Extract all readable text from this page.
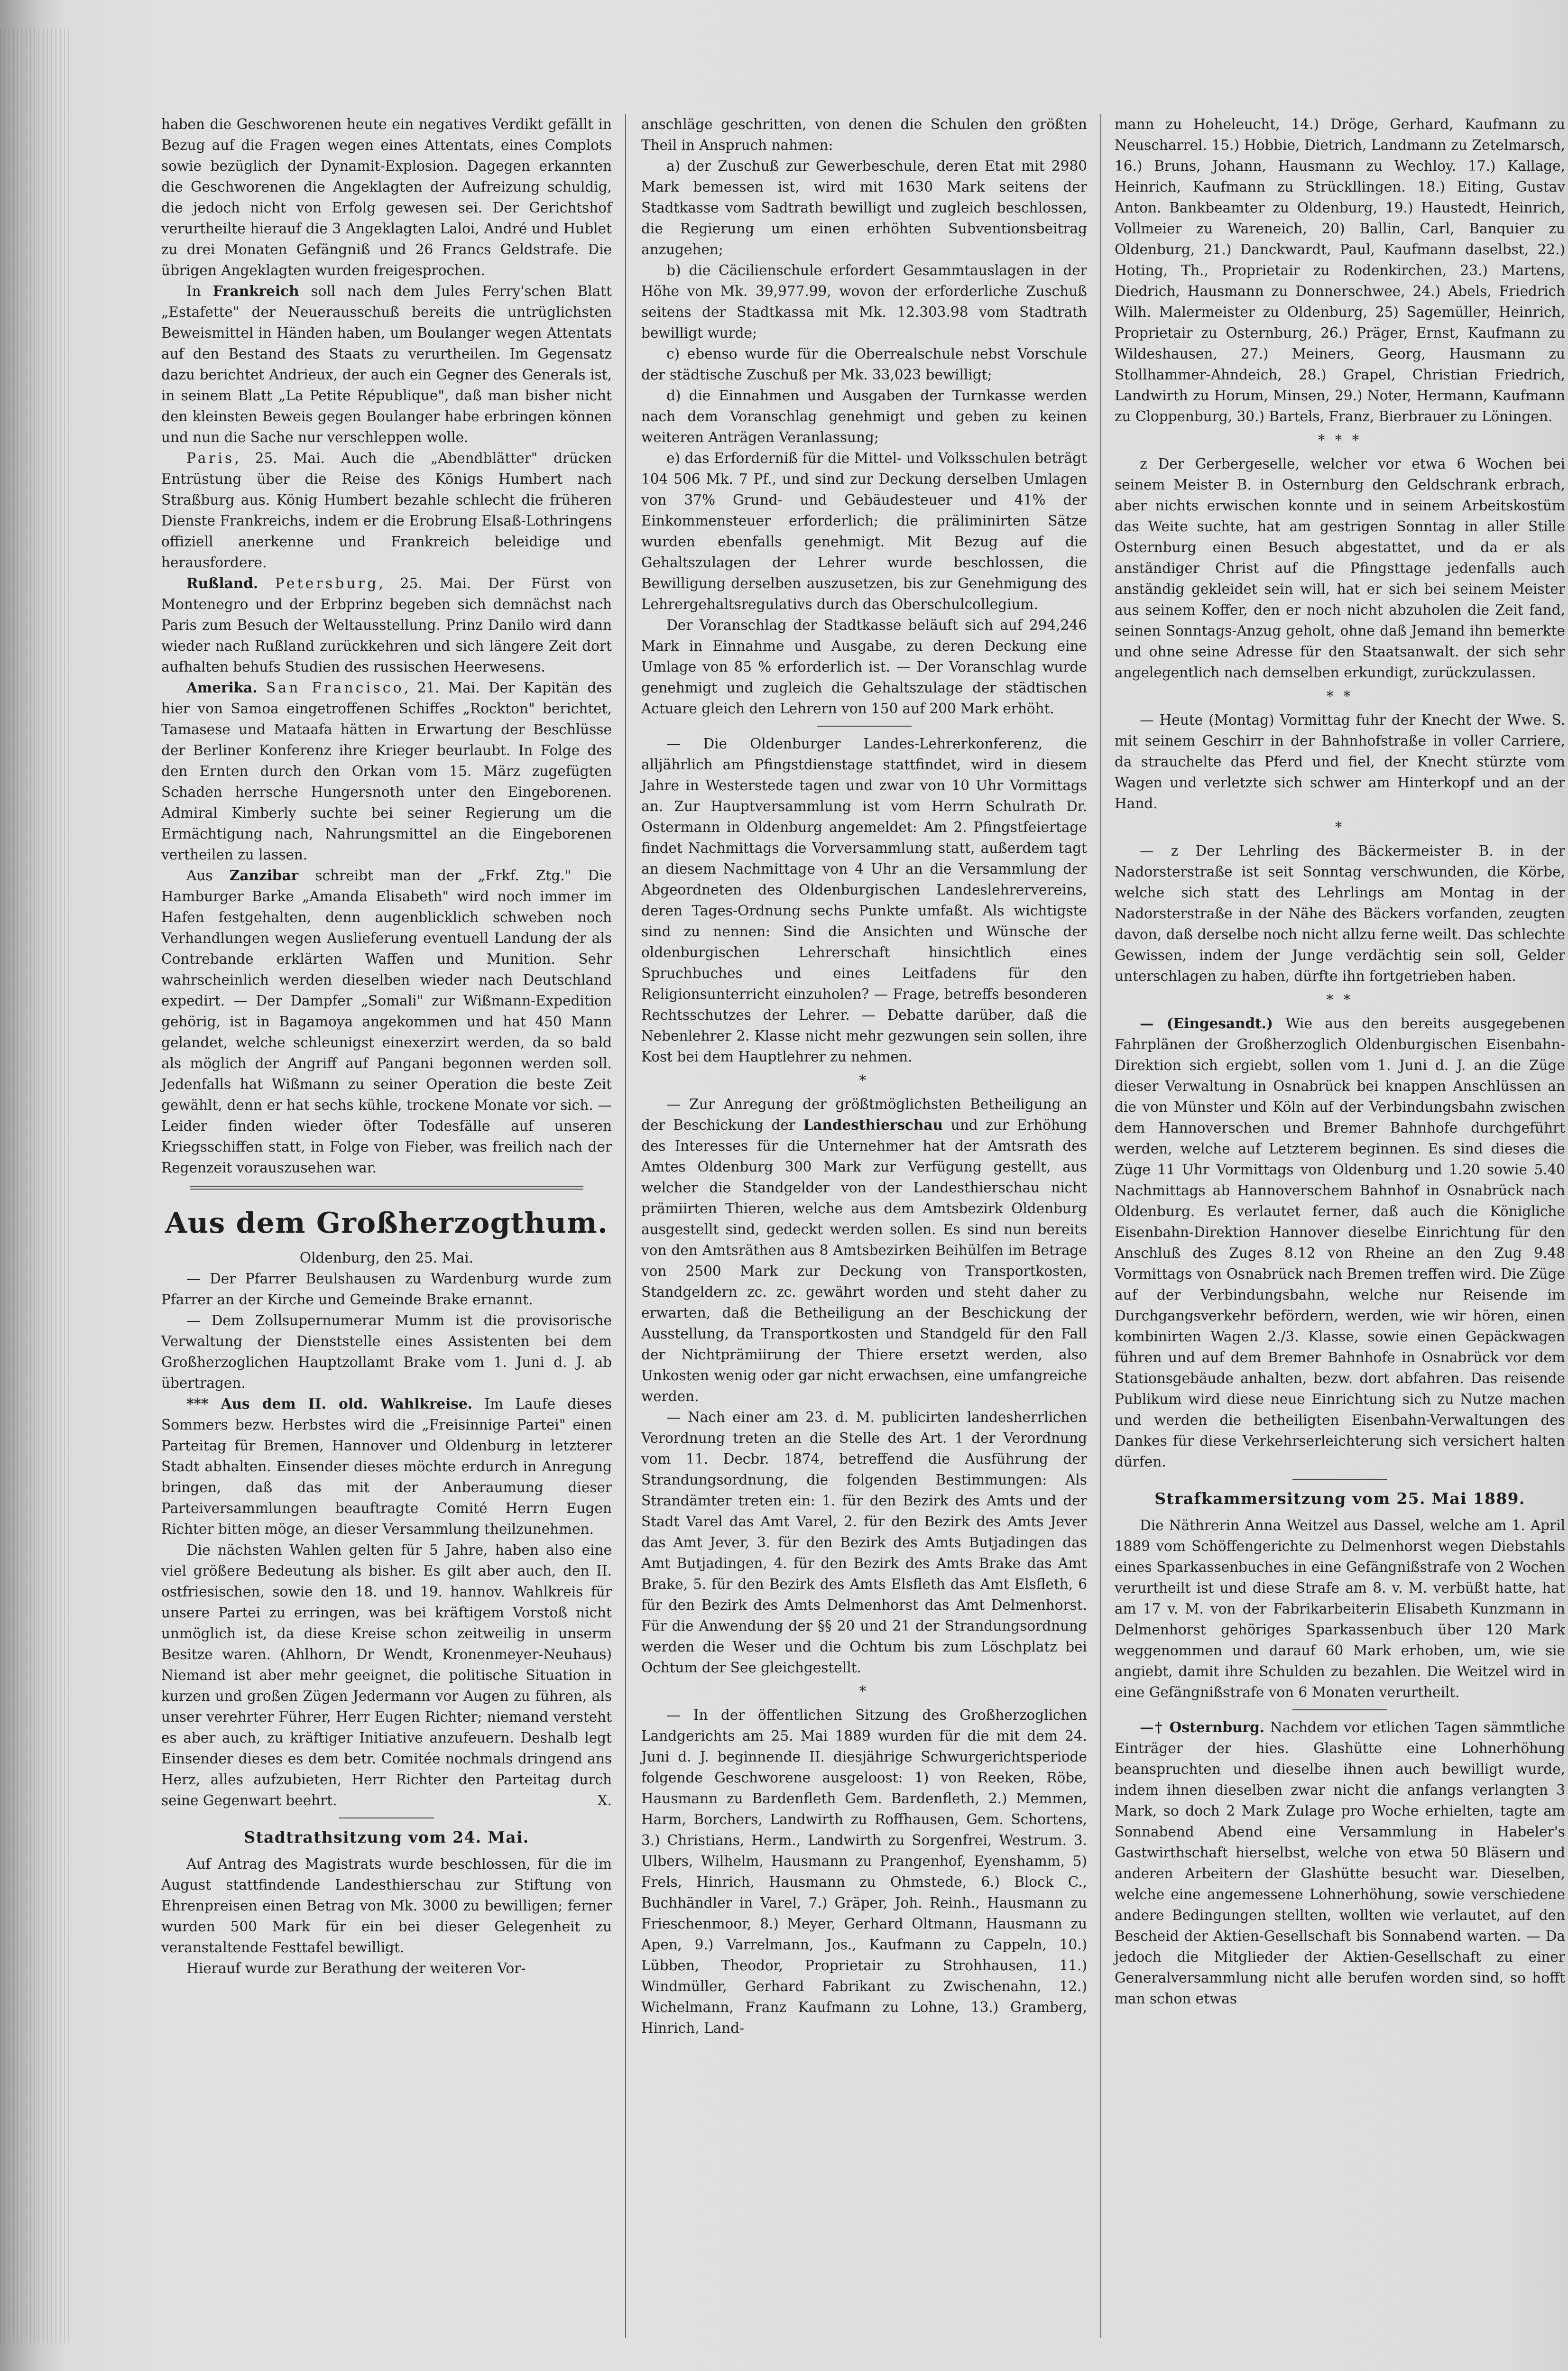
haben die Geschworenen heute ein negatives Verdikt gefällt in Bezug auf die Fragen wegen eines Attentats, eines Complots sowie bezüglich der Dynamit-Explosion. Dagegen erkannten die Geschworenen die Angeklagten der Aufreizung schuldig, die jedoch nicht von Erfolg gewesen sei. Der Gerichtshof verurtheilte hierauf die 3 Angeklagten Laloi, André und Hublet zu drei Monaten Gefängniß und 26 Francs Geldstrafe. Die übrigen Angeklagten wurden freigesprochen.

In Frankreich soll nach dem Jules Ferry'schen Blatt „Estafette" der Neuerausschuß bereits die untrüglichsten Beweismittel in Händen haben, um Boulanger wegen Attentats auf den Bestand des Staats zu verurtheilen. Im Gegensatz dazu berichtet Andrieux, der auch ein Gegner des Generals ist, in seinem Blatt „La Petite République", daß man bisher nicht den kleinsten Beweis gegen Boulanger habe erbringen können und nun die Sache nur verschleppen wolle.

Paris, 25. Mai. Auch die „Abendblätter" drücken Entrüstung über die Reise des Königs Humbert nach Straßburg aus. König Humbert bezahle schlecht die früheren Dienste Frankreichs, indem er die Erobrung Elsaß-Lothringens offiziell anerkenne und Frankreich beleidige und herausfordere.

Rußland. Petersburg, 25. Mai. Der Fürst von Montenegro und der Erbprinz begeben sich demnächst nach Paris zum Besuch der Weltausstellung. Prinz Danilo wird dann wieder nach Rußland zurückkehren und sich längere Zeit dort aufhalten behufs Studien des russischen Heerwesens.

Amerika. San Francisco, 21. Mai. Der Kapitän des hier von Samoa eingetroffenen Schiffes „Rockton" berichtet, Tamasese und Mataafa hätten in Erwartung der Beschlüsse der Berliner Konferenz ihre Krieger beurlaubt. In Folge des den Ernten durch den Orkan vom 15. März zugefügten Schaden herrsche Hungersnoth unter den Eingeborenen. Admiral Kimberly suchte bei seiner Regierung um die Ermächtigung nach, Nahrungsmittel an die Eingeborenen vertheilen zu lassen.

Aus Zanzibar schreibt man der „Frkf. Ztg." Die Hamburger Barke „Amanda Elisabeth" wird noch immer im Hafen festgehalten, denn augenblicklich schweben noch Verhandlungen wegen Auslieferung eventuell Landung der als Contrebande erklärten Waffen und Munition. Sehr wahrscheinlich werden dieselben wieder nach Deutschland expedirt. — Der Dampfer „Somali" zur Wißmann-Expedition gehörig, ist in Bagamoya angekommen und hat 450 Mann gelandet, welche schleunigst einexerzirt werden, da so bald als möglich der Angriff auf Pangani begonnen werden soll. Jedenfalls hat Wißmann zu seiner Operation die beste Zeit gewählt, denn er hat sechs kühle, trockene Monate vor sich. — Leider finden wieder öfter Todesfälle auf unseren Kriegsschiffen statt, in Folge von Fieber, was freilich nach der Regenzeit vorauszusehen war.

Aus dem Großherzogthum.

Oldenburg, den 25. Mai.

— Der Pfarrer Beulshausen zu Wardenburg wurde zum Pfarrer an der Kirche und Gemeinde Brake ernannt.

— Dem Zollsupernumerar Mumm ist die provisorische Verwaltung der Dienststelle eines Assistenten bei dem Großherzoglichen Hauptzollamt Brake vom 1. Juni d. J. ab übertragen.

*** Aus dem II. old. Wahlkreise. Im Laufe dieses Sommers bezw. Herbstes wird die „Freisinnige Partei" einen Parteitag für Bremen, Hannover und Oldenburg in letzterer Stadt abhalten. Einsender dieses möchte erdurch in Anregung bringen, daß das mit der Anberaumung dieser Parteiversammlungen beauftragte Comité Herrn Eugen Richter bitten möge, an dieser Versammlung theilzunehmen.

Die nächsten Wahlen gelten für 5 Jahre, haben also eine viel größere Bedeutung als bisher. Es gilt aber auch, den II. ostfriesischen, sowie den 18. und 19. hannov. Wahlkreis für unsere Partei zu erringen, was bei kräftigem Vorstoß nicht unmöglich ist, da diese Kreise schon zeitweilig in unserm Besitze waren. (Ahlhorn, Dr Wendt, Kronenmeyer-Neuhaus) Niemand ist aber mehr geeignet, die politische Situation in kurzen und großen Zügen Jedermann vor Augen zu führen, als unser verehrter Führer, Herr Eugen Richter; niemand versteht es aber auch, zu kräftiger Initiative anzufeuern. Deshalb legt Einsender dieses es dem betr. Comitée nochmals dringend ans Herz, alles aufzubieten, Herr Richter den Parteitag durch seine Gegenwart beehrt.	X.

Stadtrathsitzung vom 24. Mai.

Auf Antrag des Magistrats wurde beschlossen, für die im August stattfindende Landesthierschau zur Stiftung von Ehrenpreisen einen Betrag von Mk. 3000 zu bewilligen; ferner wurden 500 Mark für ein bei dieser Gelegenheit zu veranstaltende Festtafel bewilligt.

Hierauf wurde zur Berathung der weiteren Vor-

anschläge geschritten, von denen die Schulen den größten Theil in Anspruch nahmen:

a) der Zuschuß zur Gewerbeschule, deren Etat mit 2980 Mark bemessen ist, wird mit 1630 Mark seitens der Stadtkasse vom Sadtrath bewilligt und zugleich beschlossen, die Regierung um einen erhöhten Subventionsbeitrag anzugehen;

b) die Cäcilienschule erfordert Gesammtauslagen in der Höhe von Mk. 39,977.99, wovon der erforderliche Zuschuß seitens der Stadtkassa mit Mk. 12.303.98 vom Stadtrath bewilligt wurde;

c) ebenso wurde für die Oberrealschule nebst Vorschule der städtische Zuschuß per Mk. 33,023 bewilligt;

d) die Einnahmen und Ausgaben der Turnkasse werden nach dem Voranschlag genehmigt und geben zu keinen weiteren Anträgen Veranlassung;

e) das Erforderniß für die Mittel- und Volksschulen beträgt 104 506 Mk. 7 Pf., und sind zur Deckung derselben Umlagen von 37% Grund- und Gebäudesteuer und 41% der Einkommensteuer erforderlich; die präliminirten Sätze wurden ebenfalls genehmigt. Mit Bezug auf die Gehaltszulagen der Lehrer wurde beschlossen, die Bewilligung derselben auszusetzen, bis zur Genehmigung des Lehrergehaltsregulativs durch das Oberschulcollegium.

Der Voranschlag der Stadtkasse beläuft sich auf 294,246 Mark in Einnahme und Ausgabe, zu deren Deckung eine Umlage von 85 % erforderlich ist. — Der Voranschlag wurde genehmigt und zugleich die Gehaltszulage der städtischen Actuare gleich den Lehrern von 150 auf 200 Mark erhöht.

— Die Oldenburger Landes-Lehrerkonferenz, die alljährlich am Pfingstdienstage stattfindet, wird in diesem Jahre in Westerstede tagen und zwar von 10 Uhr Vormittags an. Zur Hauptversammlung ist vom Herrn Schulrath Dr. Ostermann in Oldenburg angemeldet: Am 2. Pfingstfeiertage findet Nachmittags die Vorversammlung statt, außerdem tagt an diesem Nachmittage von 4 Uhr an die Versammlung der Abgeordneten des Oldenburgischen Landeslehrervereins, deren Tages-Ordnung sechs Punkte umfaßt. Als wichtigste sind zu nennen: Sind die Ansichten und Wünsche der oldenburgischen Lehrerschaft hinsichtlich eines Spruchbuches und eines Leitfadens für den Religionsunterricht einzuholen? — Frage, betreffs besonderen Rechtsschutzes der Lehrer. — Debatte darüber, daß die Nebenlehrer 2. Klasse nicht mehr gezwungen sein sollen, ihre Kost bei dem Hauptlehrer zu nehmen.

*

— Zur Anregung der größtmöglichsten Betheiligung an der Beschickung der Landesthierschau und zur Erhöhung des Interesses für die Unternehmer hat der Amtsrath des Amtes Oldenburg 300 Mark zur Verfügung gestellt, aus welcher die Standgelder von der Landesthierschau nicht prämiirten Thieren, welche aus dem Amtsbezirk Oldenburg ausgestellt sind, gedeckt werden sollen. Es sind nun bereits von den Amtsräthen aus 8 Amtsbezirken Beihülfen im Betrage von 2500 Mark zur Deckung von Transportkosten, Standgeldern zc. zc. gewährt worden und steht daher zu erwarten, daß die Betheiligung an der Beschickung der Ausstellung, da Transportkosten und Standgeld für den Fall der Nichtprämiirung der Thiere ersetzt werden, also Unkosten wenig oder gar nicht erwachsen, eine umfangreiche werden.

— Nach einer am 23. d. M. publicirten landesherrlichen Verordnung treten an die Stelle des Art. 1 der Verordnung vom 11. Decbr. 1874, betreffend die Ausführung der Strandungsordnung, die folgenden Bestimmungen: Als Strandämter treten ein: 1. für den Bezirk des Amts und der Stadt Varel das Amt Varel, 2. für den Bezirk des Amts Jever das Amt Jever, 3. für den Bezirk des Amts Butjadingen das Amt Butjadingen, 4. für den Bezirk des Amts Brake das Amt Brake, 5. für den Bezirk des Amts Elsfleth das Amt Elsfleth, 6 für den Bezirk des Amts Delmenhorst das Amt Delmenhorst. Für die Anwendung der §§ 20 und 21 der Strandungsordnung werden die Weser und die Ochtum bis zum Löschplatz bei Ochtum der See gleichgestellt.

*

— In der öffentlichen Sitzung des Großherzoglichen Landgerichts am 25. Mai 1889 wurden für die mit dem 24. Juni d. J. beginnende II. diesjährige Schwurgerichtsperiode folgende Geschworene ausgeloost: 1) von Reeken, Röbe, Hausmann zu Bardenfleth Gem. Bardenfleth, 2.) Memmen, Harm, Borchers, Landwirth zu Roffhausen, Gem. Schortens, 3.) Christians, Herm., Landwirth zu Sorgenfrei, Westrum. 3. Ulbers, Wilhelm, Hausmann zu Prangenhof, Eyenshamm, 5) Frels, Hinrich, Hausmann zu Ohmstede, 6.) Block C., Buchhändler in Varel, 7.) Gräper, Joh. Reinh., Hausmann zu Frieschenmoor, 8.) Meyer, Gerhard Oltmann, Hausmann zu Apen, 9.) Varrelmann, Jos., Kaufmann zu Cappeln, 10.) Lübben, Theodor, Proprietair zu Strohhausen, 11.) Windmüller, Gerhard Fabrikant zu Zwischenahn, 12.) Wichelmann, Franz Kaufmann zu Lohne, 13.) Gramberg, Hinrich, Land-

mann zu Hoheleucht, 14.) Dröge, Gerhard, Kaufmann zu Neuscharrel. 15.) Hobbie, Dietrich, Landmann zu Zetelmarsch, 16.) Bruns, Johann, Hausmann zu Wechloy. 17.) Kallage, Heinrich, Kaufmann zu Strückllingen. 18.) Eiting, Gustav Anton. Bankbeamter zu Oldenburg, 19.) Haustedt, Heinrich, Vollmeier zu Wareneich, 20) Ballin, Carl, Banquier zu Oldenburg, 21.) Danckwardt, Paul, Kaufmann daselbst, 22.) Hoting, Th., Proprietair zu Rodenkirchen, 23.) Martens, Diedrich, Hausmann zu Donnerschwee, 24.) Abels, Friedrich Wilh. Malermeister zu Oldenburg, 25) Sagemüller, Heinrich, Proprietair zu Osternburg, 26.) Präger, Ernst, Kaufmann zu Wildeshausen, 27.) Meiners, Georg, Hausmann zu Stollhammer-Ahndeich, 28.) Grapel, Christian Friedrich, Landwirth zu Horum, Minsen, 29.) Noter, Hermann, Kaufmann zu Cloppenburg, 30.) Bartels, Franz, Bierbrauer zu Löningen.

* * *

z Der Gerbergeselle, welcher vor etwa 6 Wochen bei seinem Meister B. in Osternburg den Geldschrank erbrach, aber nichts erwischen konnte und in seinem Arbeitskostüm das Weite suchte, hat am gestrigen Sonntag in aller Stille Osternburg einen Besuch abgestattet, und da er als anständiger Christ auf die Pfingsttage jedenfalls auch anständig gekleidet sein will, hat er sich bei seinem Meister aus seinem Koffer, den er noch nicht abzuholen die Zeit fand, seinen Sonntags-Anzug geholt, ohne daß Jemand ihn bemerkte und ohne seine Adresse für den Staatsanwalt. der sich sehr angelegentlich nach demselben erkundigt, zurückzulassen.

* *

— Heute (Montag) Vormittag fuhr der Knecht der Wwe. S. mit seinem Geschirr in der Bahnhofstraße in voller Carriere, da strauchelte das Pferd und fiel, der Knecht stürzte vom Wagen und verletzte sich schwer am Hinterkopf und an der Hand.

*

— z Der Lehrling des Bäckermeister B. in der Nadorsterstraße ist seit Sonntag verschwunden, die Körbe, welche sich statt des Lehrlings am Montag in der Nadorsterstraße in der Nähe des Bäckers vorfanden, zeugten davon, daß derselbe noch nicht allzu ferne weilt. Das schlechte Gewissen, indem der Junge verdächtig sein soll, Gelder unterschlagen zu haben, dürfte ihn fortgetrieben haben.

* *

— (Eingesandt.) Wie aus den bereits ausgegebenen Fahrplänen der Großherzoglich Oldenburgischen Eisenbahn-Direktion sich ergiebt, sollen vom 1. Juni d. J. an die Züge dieser Verwaltung in Osnabrück bei knappen Anschlüssen an die von Münster und Köln auf der Verbindungsbahn zwischen dem Hannoverschen und Bremer Bahnhofe durchgeführt werden, welche auf Letzterem beginnen. Es sind dieses die Züge 11 Uhr Vormittags von Oldenburg und 1.20 sowie 5.40 Nachmittags ab Hannoverschem Bahnhof in Osnabrück nach Oldenburg. Es verlautet ferner, daß auch die Königliche Eisenbahn-Direktion Hannover dieselbe Einrichtung für den Anschluß des Zuges 8.12 von Rheine an den Zug 9.48 Vormittags von Osnabrück nach Bremen treffen wird. Die Züge auf der Verbindungsbahn, welche nur Reisende im Durchgangsverkehr befördern, werden, wie wir hören, einen kombinirten Wagen 2./3. Klasse, sowie einen Gepäckwagen führen und auf dem Bremer Bahnhofe in Osnabrück vor dem Stationsgebäude anhalten, bezw. dort abfahren. Das reisende Publikum wird diese neue Einrichtung sich zu Nutze machen und werden die betheiligten Eisenbahn-Verwaltungen des Dankes für diese Verkehrserleichterung sich versichert halten dürfen.

Strafkammersitzung vom 25. Mai 1889.

Die Näthrerin Anna Weitzel aus Dassel, welche am 1. April 1889 vom Schöffengerichte zu Delmenhorst wegen Diebstahls eines Sparkassenbuches in eine Gefängnißstrafe von 2 Wochen verurtheilt ist und diese Strafe am 8. v. M. verbüßt hatte, hat am 17 v. M. von der Fabrikarbeiterin Elisabeth Kunzmann in Delmenhorst gehöriges Sparkassenbuch über 120 Mark weggenommen und darauf 60 Mark erhoben, um, wie sie angiebt, damit ihre Schulden zu bezahlen. Die Weitzel wird in eine Gefängnißstrafe von 6 Monaten verurtheilt.

—† Osternburg. Nachdem vor etlichen Tagen sämmtliche Einträger der hies. Glashütte eine Lohnerhöhung beanspruchten und dieselbe ihnen auch bewilligt wurde, indem ihnen dieselben zwar nicht die anfangs verlangten 3 Mark, so doch 2 Mark Zulage pro Woche erhielten, tagte am Sonnabend Abend eine Versammlung in Habeler's Gastwirthschaft hierselbst, welche von etwa 50 Bläsern und anderen Arbeitern der Glashütte besucht war. Dieselben, welche eine angemessene Lohnerhöhung, sowie verschiedene andere Bedingungen stellten, wollten wie verlautet, auf den Bescheid der Aktien-Gesellschaft bis Sonnabend warten. — Da jedoch die Mitglieder der Aktien-Gesellschaft zu einer Generalversammlung nicht alle berufen worden sind, so hofft man schon etwas
